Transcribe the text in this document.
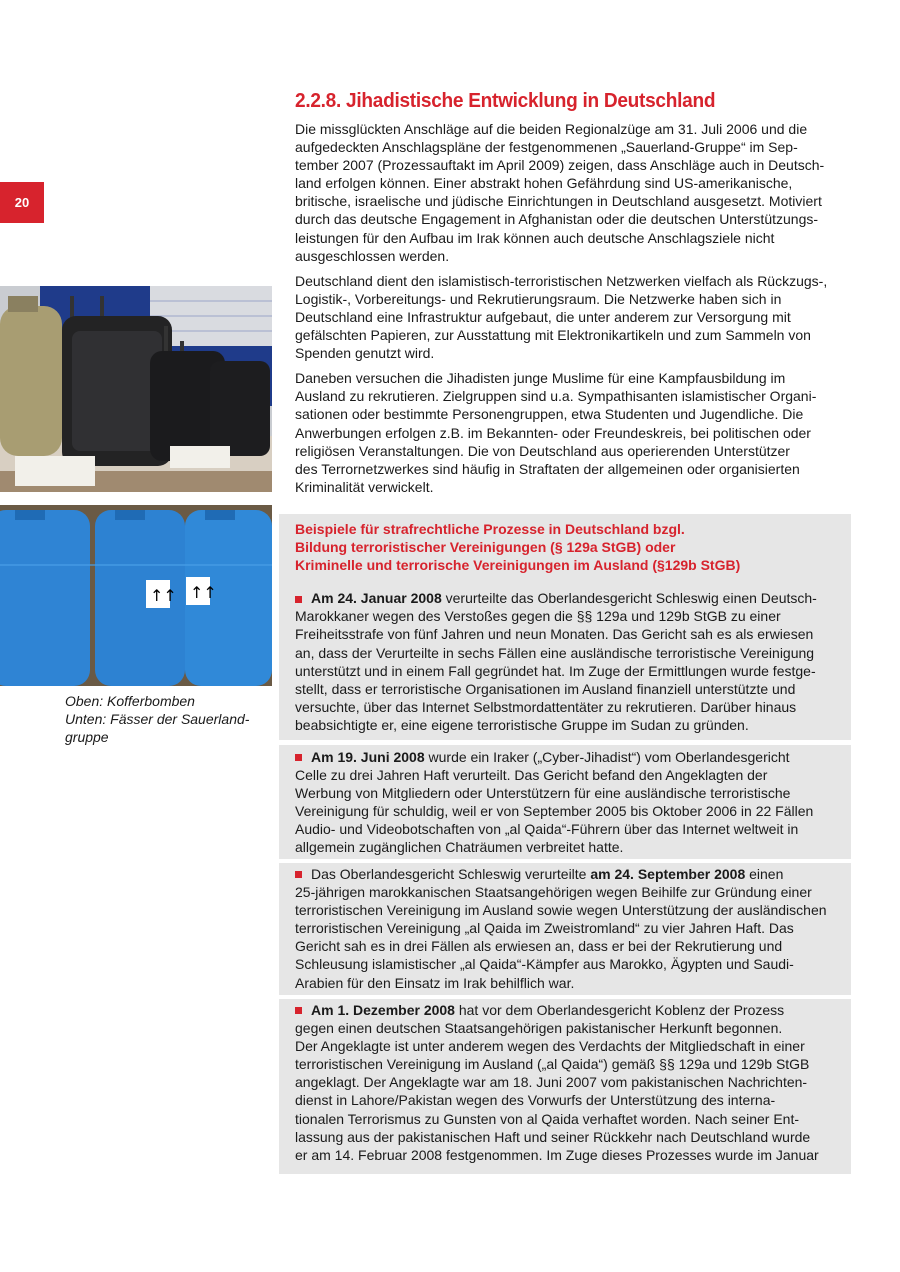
20
↑↑ ↑↑
Oben: Kofferbomben
Unten: Fässer der Sauerland-
gruppe
2.2.8. Jihadistische Entwicklung in Deutschland

Die missglückten Anschläge auf die beiden Regionalzüge am 31. Juli 2006 und die
aufgedeckten Anschlagspläne der festgenommenen „Sauerland-Gruppe“ im Sep-
tember 2007 (Prozessauftakt im April 2009) zeigen, dass Anschläge auch in Deutsch-
land erfolgen können. Einer abstrakt hohen Gefährdung sind US-amerikanische,
britische, israelische und jüdische Einrichtungen in Deutschland ausgesetzt. Motiviert
durch das deutsche Engagement in Afghanistan oder die deutschen Unterstützungs-
leistungen für den Aufbau im Irak können auch deutsche Anschlagsziele nicht
ausgeschlossen werden.

Deutschland dient den islamistisch-terroristischen Netzwerken vielfach als Rückzugs-,
Logistik-, Vorbereitungs- und Rekrutierungsraum. Die Netzwerke haben sich in
Deutschland eine Infrastruktur aufgebaut, die unter anderem zur Versorgung mit
gefälschten Papieren, zur Ausstattung mit Elektronikartikeln und zum Sammeln von
Spenden genutzt wird.

Daneben versuchen die Jihadisten junge Muslime für eine Kampfausbildung im
Ausland zu rekrutieren. Zielgruppen sind u.a. Sympathisanten islamistischer Organi-
sationen oder bestimmte Personengruppen, etwa Studenten und Jugendliche. Die
Anwerbungen erfolgen z.B. im Bekannten- oder Freundeskreis, bei politischen oder
religiösen Veranstaltungen. Die von Deutschland aus operierenden Unterstützer
des Terrornetzwerkes sind häufig in Straftaten der allgemeinen oder organisierten
Kriminalität verwickelt.

Beispiele für strafrechtliche Prozesse in Deutschland bzgl.
Bildung terroristischer Vereinigungen (§ 129a StGB) oder
Kriminelle und terrorische Vereinigungen im Ausland (§129b StGB)
Am 24. Januar 2008 verurteilte das Oberlandesgericht Schleswig einen Deutsch-
Marokkaner wegen des Verstoßes gegen die §§ 129a und 129b StGB zu einer
Freiheitsstrafe von fünf Jahren und neun Monaten. Das Gericht sah es als erwiesen
an, dass der Verurteilte in sechs Fällen eine ausländische terroristische Vereinigung
unterstützt und in einem Fall gegründet hat. Im Zuge der Ermittlungen wurde festge-
stellt, dass er terroristische Organisationen im Ausland finanziell unterstützte und
versuchte, über das Internet Selbstmordattentäter zu rekrutieren. Darüber hinaus
beabsichtigte er, eine eigene terroristische Gruppe im Sudan zu gründen.
Am 19. Juni 2008 wurde ein Iraker („Cyber-Jihadist“) vom Oberlandesgericht
Celle zu drei Jahren Haft verurteilt. Das Gericht befand den Angeklagten der
Werbung von Mitgliedern oder Unterstützern für eine ausländische terroristische
Vereinigung für schuldig, weil er von September 2005 bis Oktober 2006 in 22 Fällen
Audio- und Videobotschaften von „al Qaida“-Führern über das Internet weltweit in
allgemein zugänglichen Chaträumen verbreitet hatte.
Das Oberlandesgericht Schleswig verurteilte am 24. September 2008 einen
25-jährigen marokkanischen Staatsangehörigen wegen Beihilfe zur Gründung einer
terroristischen Vereinigung im Ausland sowie wegen Unterstützung der ausländischen
terroristischen Vereinigung „al Qaida im Zweistromland“ zu vier Jahren Haft. Das
Gericht sah es in drei Fällen als erwiesen an, dass er bei der Rekrutierung und
Schleusung islamistischer „al Qaida“-Kämpfer aus Marokko, Ägypten und Saudi-
Arabien für den Einsatz im Irak behilflich war.
Am 1. Dezember 2008 hat vor dem Oberlandesgericht Koblenz der Prozess
gegen einen deutschen Staatsangehörigen pakistanischer Herkunft begonnen.
Der Angeklagte ist unter anderem wegen des Verdachts der Mitgliedschaft in einer
terroristischen Vereinigung im Ausland („al Qaida“) gemäß §§ 129a und 129b StGB
angeklagt. Der Angeklagte war am 18. Juni 2007 vom pakistanischen Nachrichten-
dienst in Lahore/Pakistan wegen des Vorwurfs der Unterstützung des interna-
tionalen Terrorismus zu Gunsten von al Qaida verhaftet worden. Nach seiner Ent-
lassung aus der pakistanischen Haft und seiner Rückkehr nach Deutschland wurde
er am 14. Februar 2008 festgenommen. Im Zuge dieses Prozesses wurde im Januar
